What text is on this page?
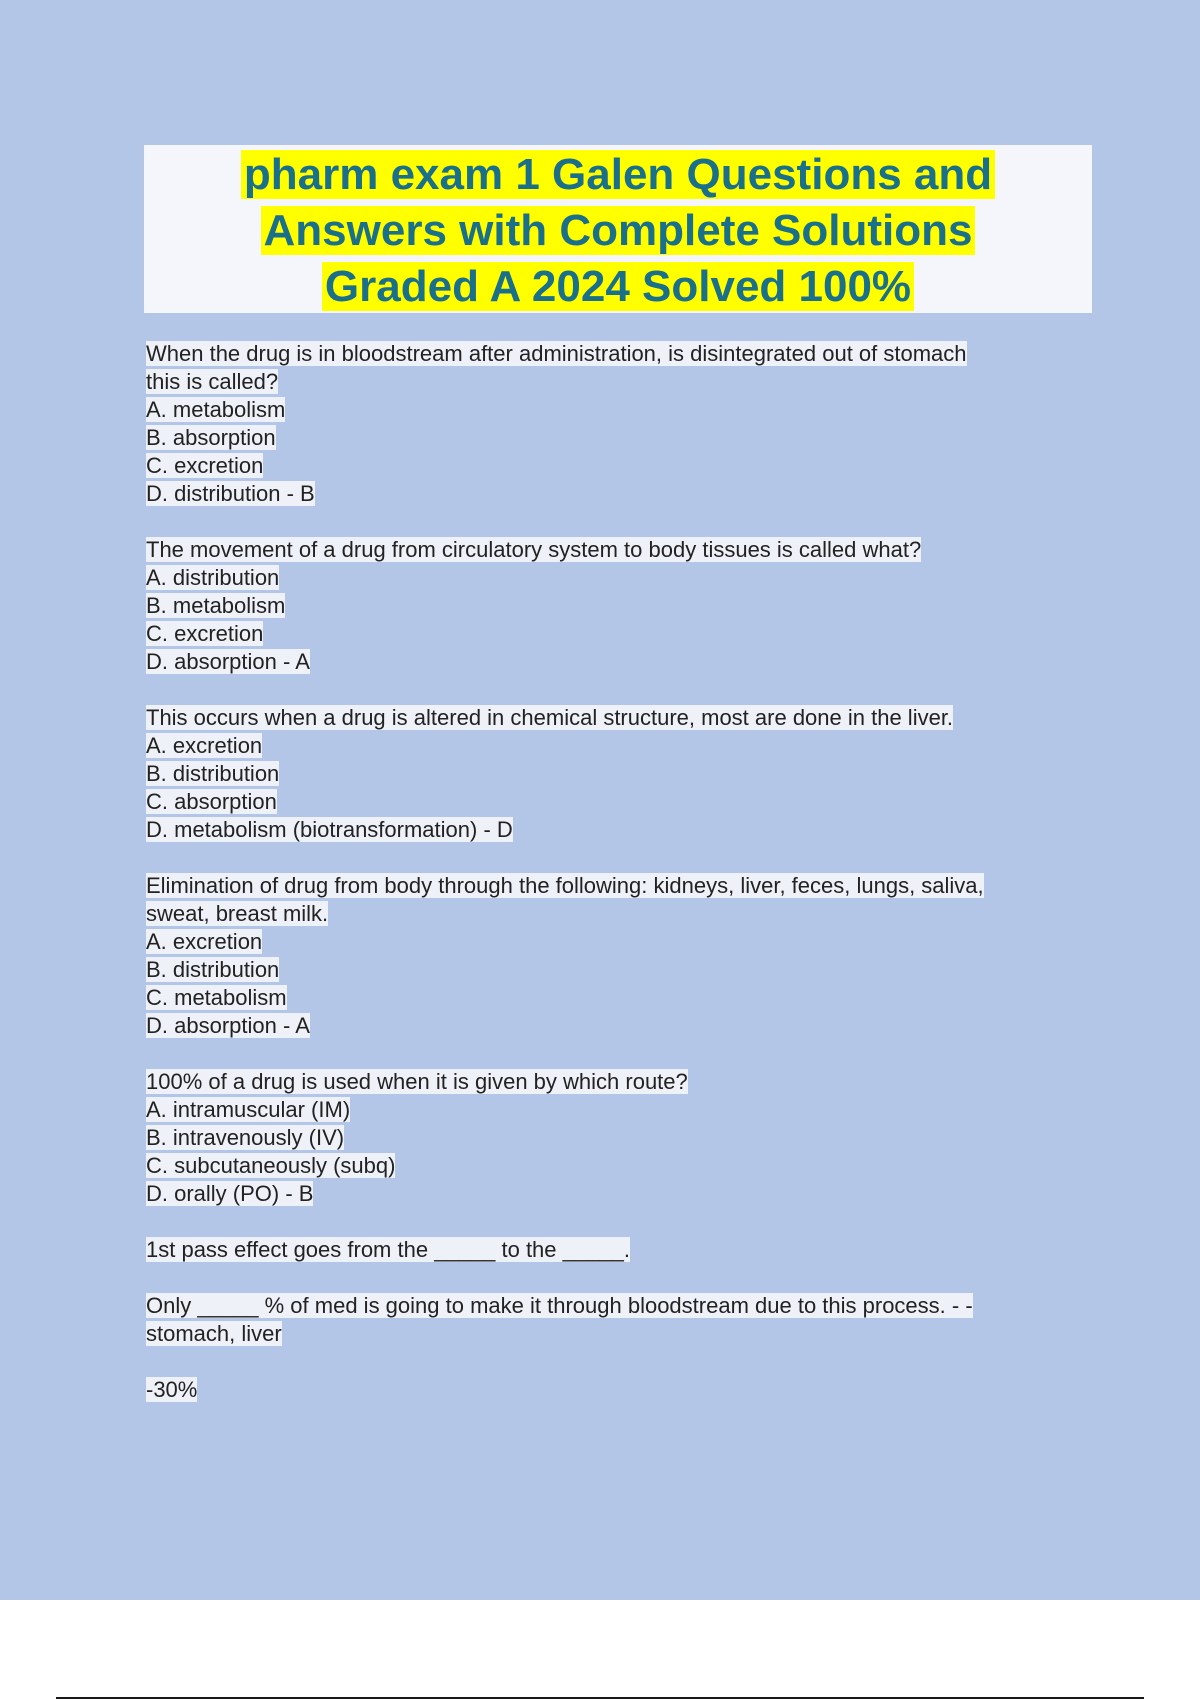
pharm exam 1 Galen Questions and
Answers with Complete Solutions
Graded A 2024 Solved 100%
When the drug is in bloodstream after administration, is disintegrated out of stomach
this is called?
A. metabolism
B. absorption
C. excretion
D. distribution - B
The movement of a drug from circulatory system to body tissues is called what?
A. distribution
B. metabolism
C. excretion
D. absorption - A
This occurs when a drug is altered in chemical structure, most are done in the liver.
A. excretion
B. distribution
C. absorption
D. metabolism (biotransformation) - D
Elimination of drug from body through the following: kidneys, liver, feces, lungs, saliva,
sweat, breast milk.
A. excretion
B. distribution
C. metabolism
D. absorption - A
100% of a drug is used when it is given by which route?
A. intramuscular (IM)
B. intravenously (IV)
C. subcutaneously (subq)
D. orally (PO) - B
1st pass effect goes from the _____ to the _____.
Only _____ % of med is going to make it through bloodstream due to this process. - -
stomach, liver
-30%
